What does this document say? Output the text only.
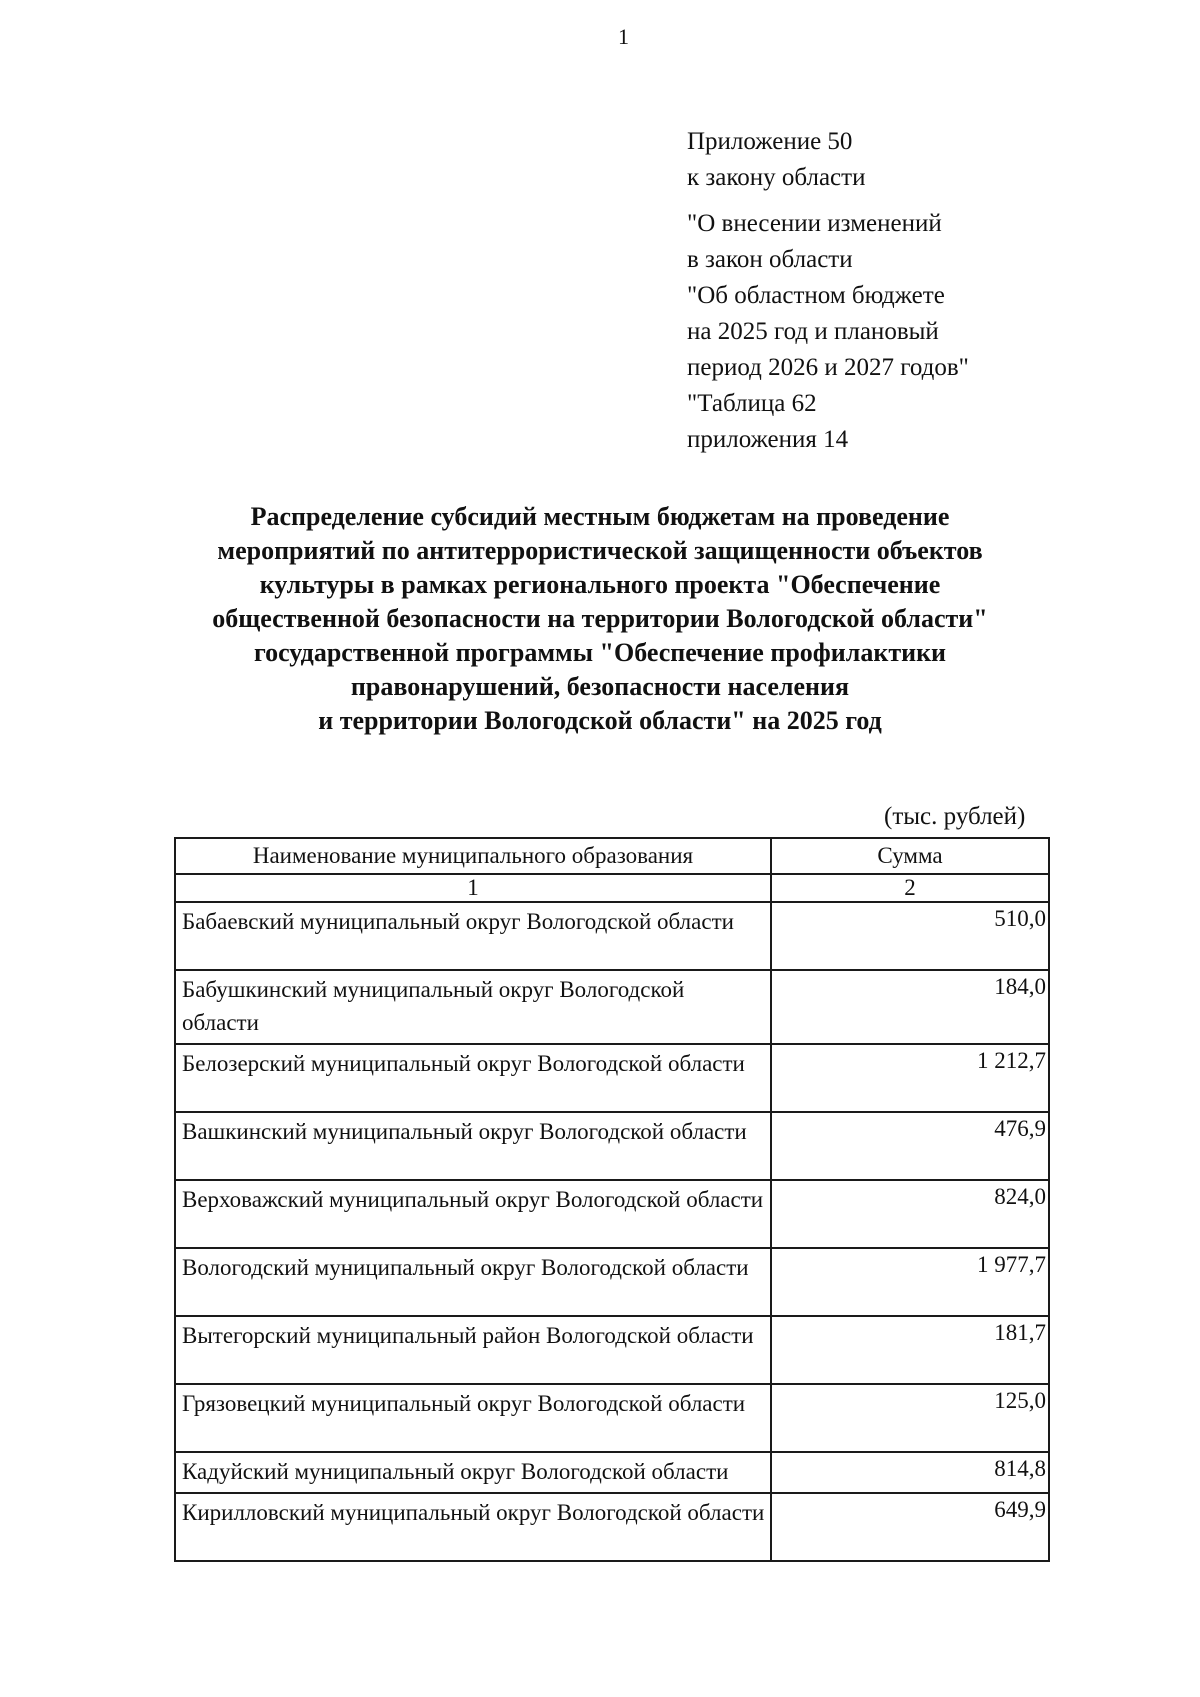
1
Приложение 50
к закону области
"О внесении изменений
в закон области
"Об областном бюджете
на 2025 год и плановый
период 2026 и 2027 годов"
"Таблица 62
приложения 14
Распределение субсидий местным бюджетам на проведение
мероприятий по антитеррористической защищенности объектов
культуры в рамках регионального проекта "Обеспечение
общественной безопасности на территории Вологодской области"
государственной программы "Обеспечение профилактики
правонарушений, безопасности населения
и территории Вологодской области" на 2025 год
(тыс. рублей)
Наименование муниципального образования	Сумма
1	2
Бабаевский муниципальный округ Вологодской области	510,0
Бабушкинский муниципальный округ Вологодской области	184,0
Белозерский муниципальный округ Вологодской области	1 212,7
Вашкинский муниципальный округ Вологодской области	476,9
Верховажский муниципальный округ Вологодской области	824,0
Вологодский муниципальный округ Вологодской области	1 977,7
Вытегорский муниципальный район Вологодской области	181,7
Грязовецкий муниципальный округ Вологодской области	125,0
Кадуйский муниципальный округ Вологодской области	814,8
Кирилловский муниципальный округ Вологодской области	649,9
